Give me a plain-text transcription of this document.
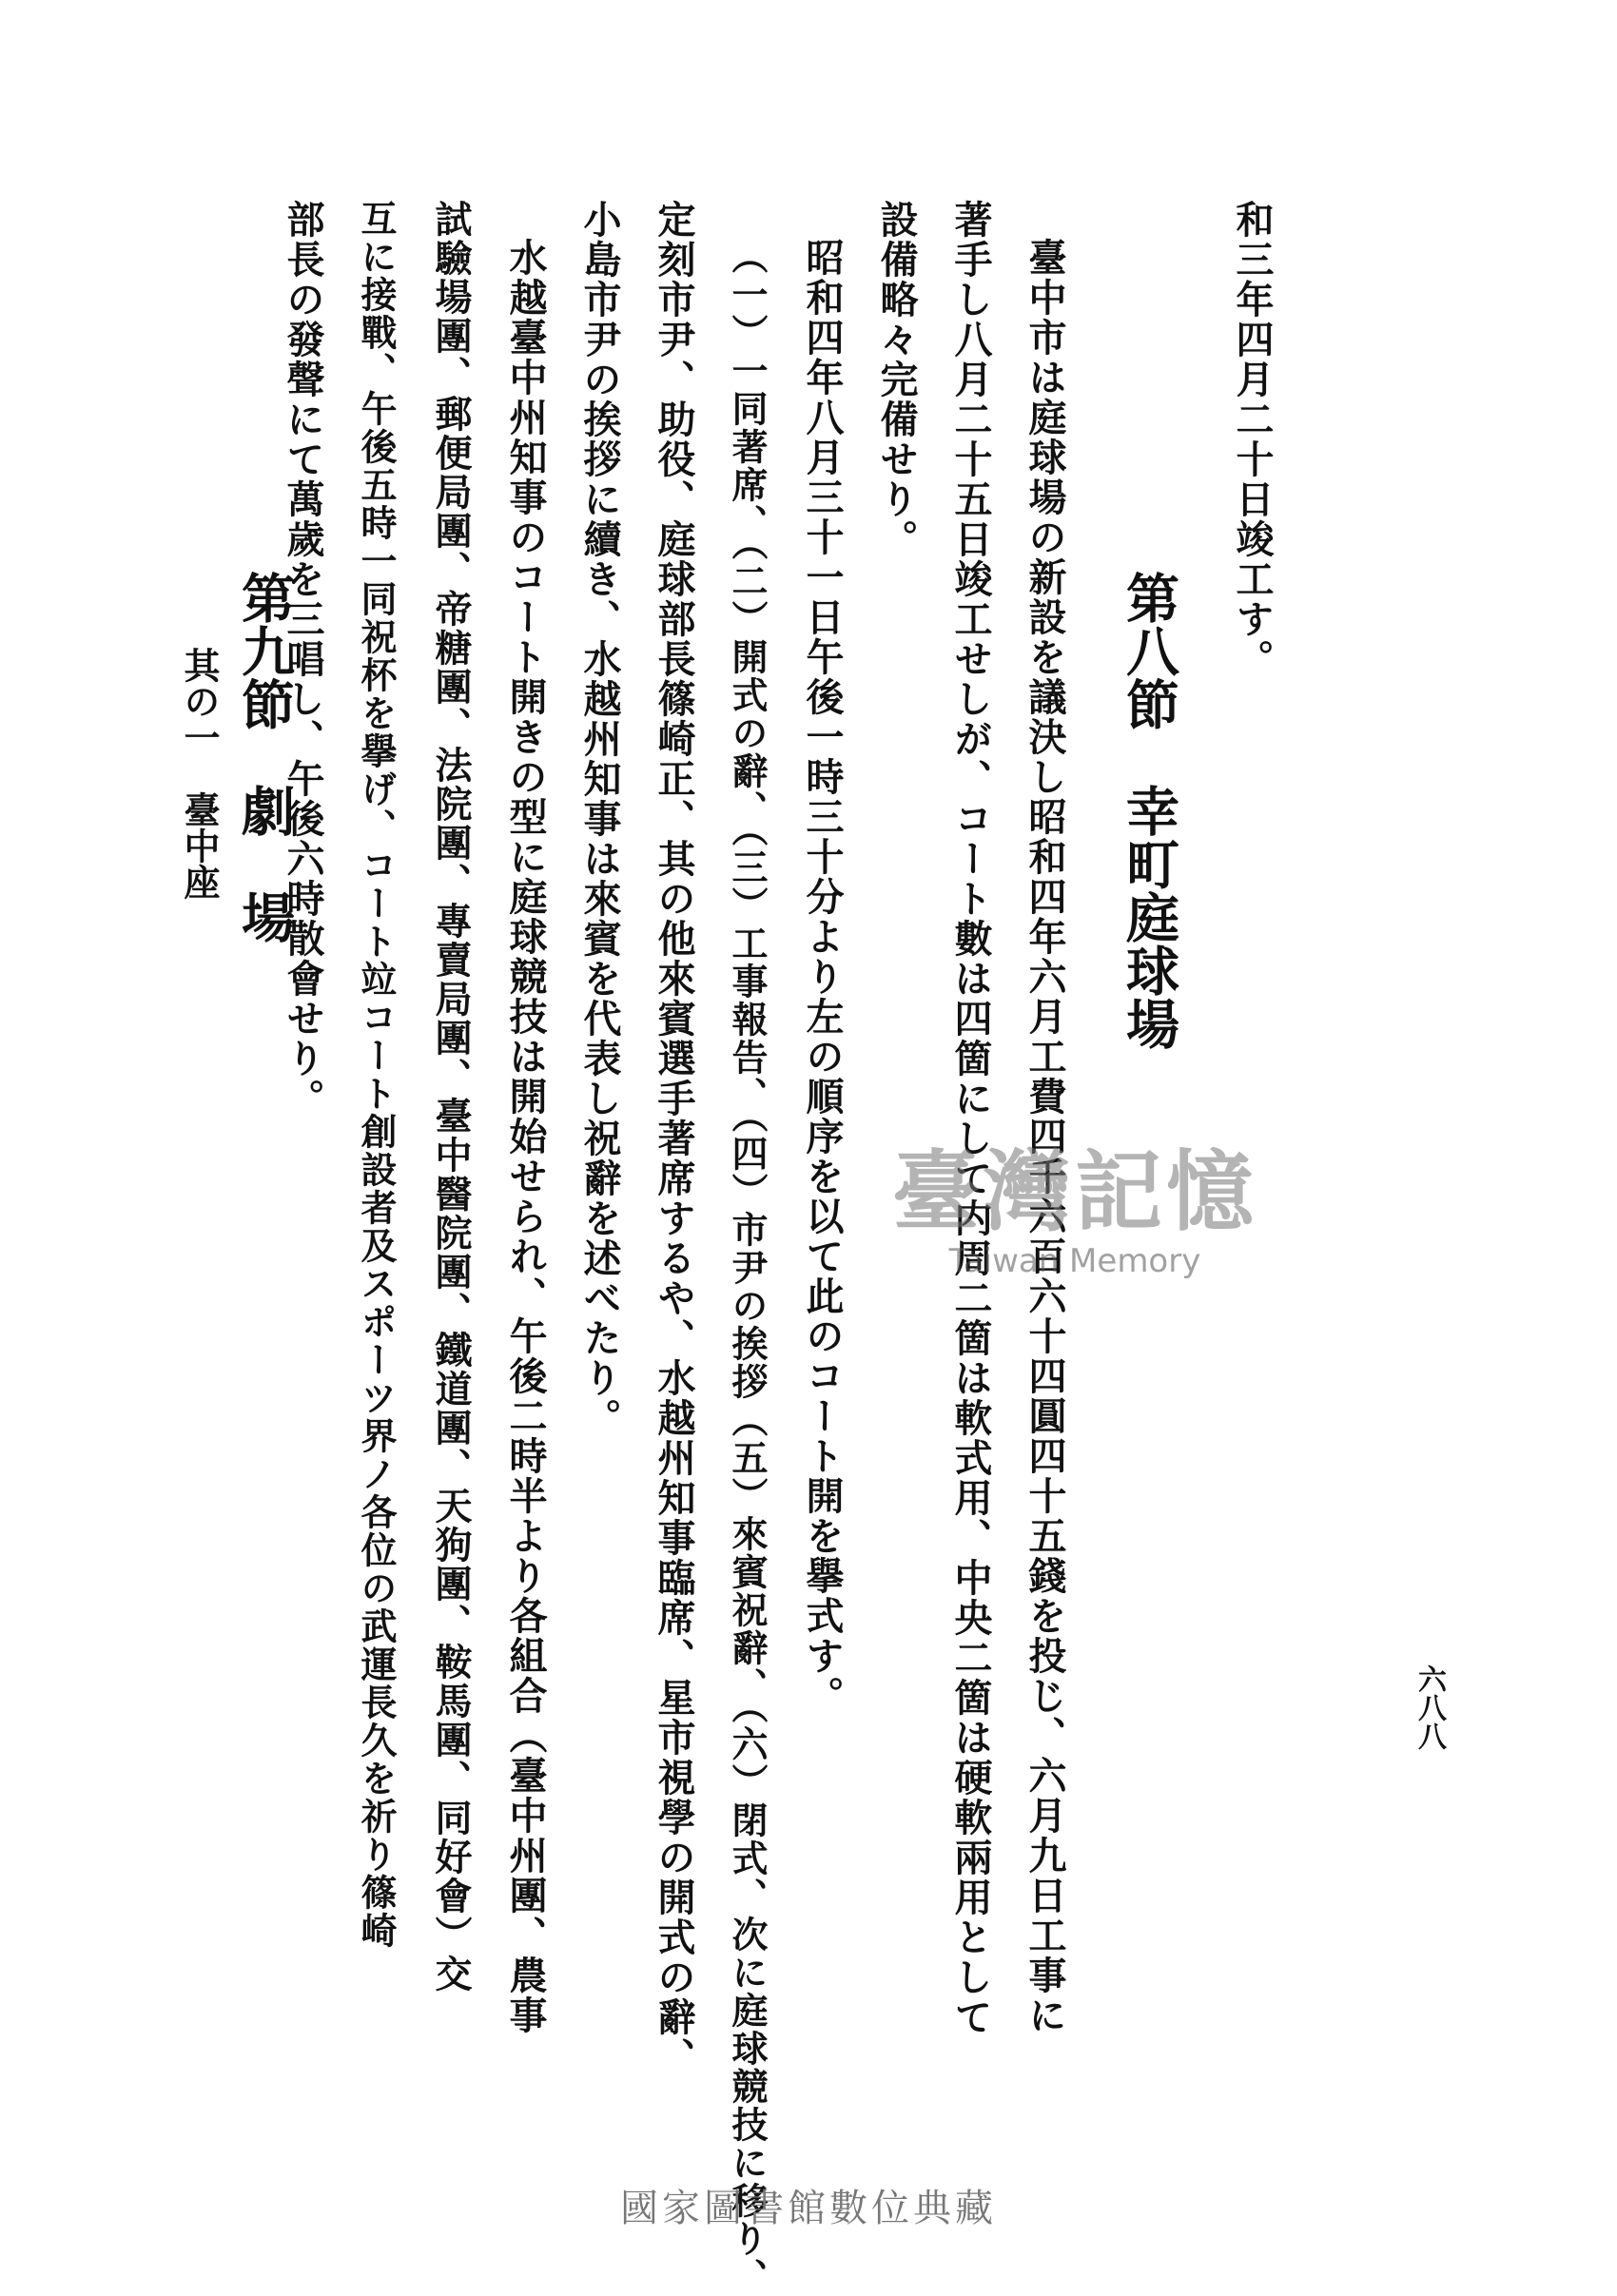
六八八
和三年四月二十日竣工す。
第八節　幸町庭球場
臺中市は庭球場の新設を議決し昭和四年六月工費四千六百六十四圓四十五錢を投じ、六月九日工事に
著手し八月二十五日竣工せしが、コート數は四箇にして内周二箇は軟式用、中央二箇は硬軟兩用として
設備略々完備せり。
昭和四年八月三十一日午後一時三十分より左の順序を以て此のコート開を擧式す。
（一）一同著席、（二）開式の辭、（三）工事報告、（四）市尹の挨拶（五）來賓祝辭、（六）閉式、次に庭球競技に移り、
定刻市尹、助役、庭球部長篠崎正、其の他來賓選手著席するや、水越州知事臨席、星市視學の開式の辭、
小島市尹の挨拶に續き、水越州知事は來賓を代表し祝辭を述べたり。
水越臺中州知事のコート開きの型に庭球競技は開始せられ、午後二時半より各組合（臺中州團、農事
試驗場團、郵便局團、帝糖團、法院團、專賣局團、臺中醫院團、鐵道團、天狗團、鞍馬團、同好會）交
互に接戰、午後五時一同祝杯を擧げ、コート竝コート創設者及スポーツ界ノ各位の武運長久を祈り篠崎
部長の發聲にて萬歲を三唱し、午後六時散會せり。
第九節　劇　場
其の一　臺中座
臺灣記憶
Taiwan Memory
國家圖書館數位典藏
